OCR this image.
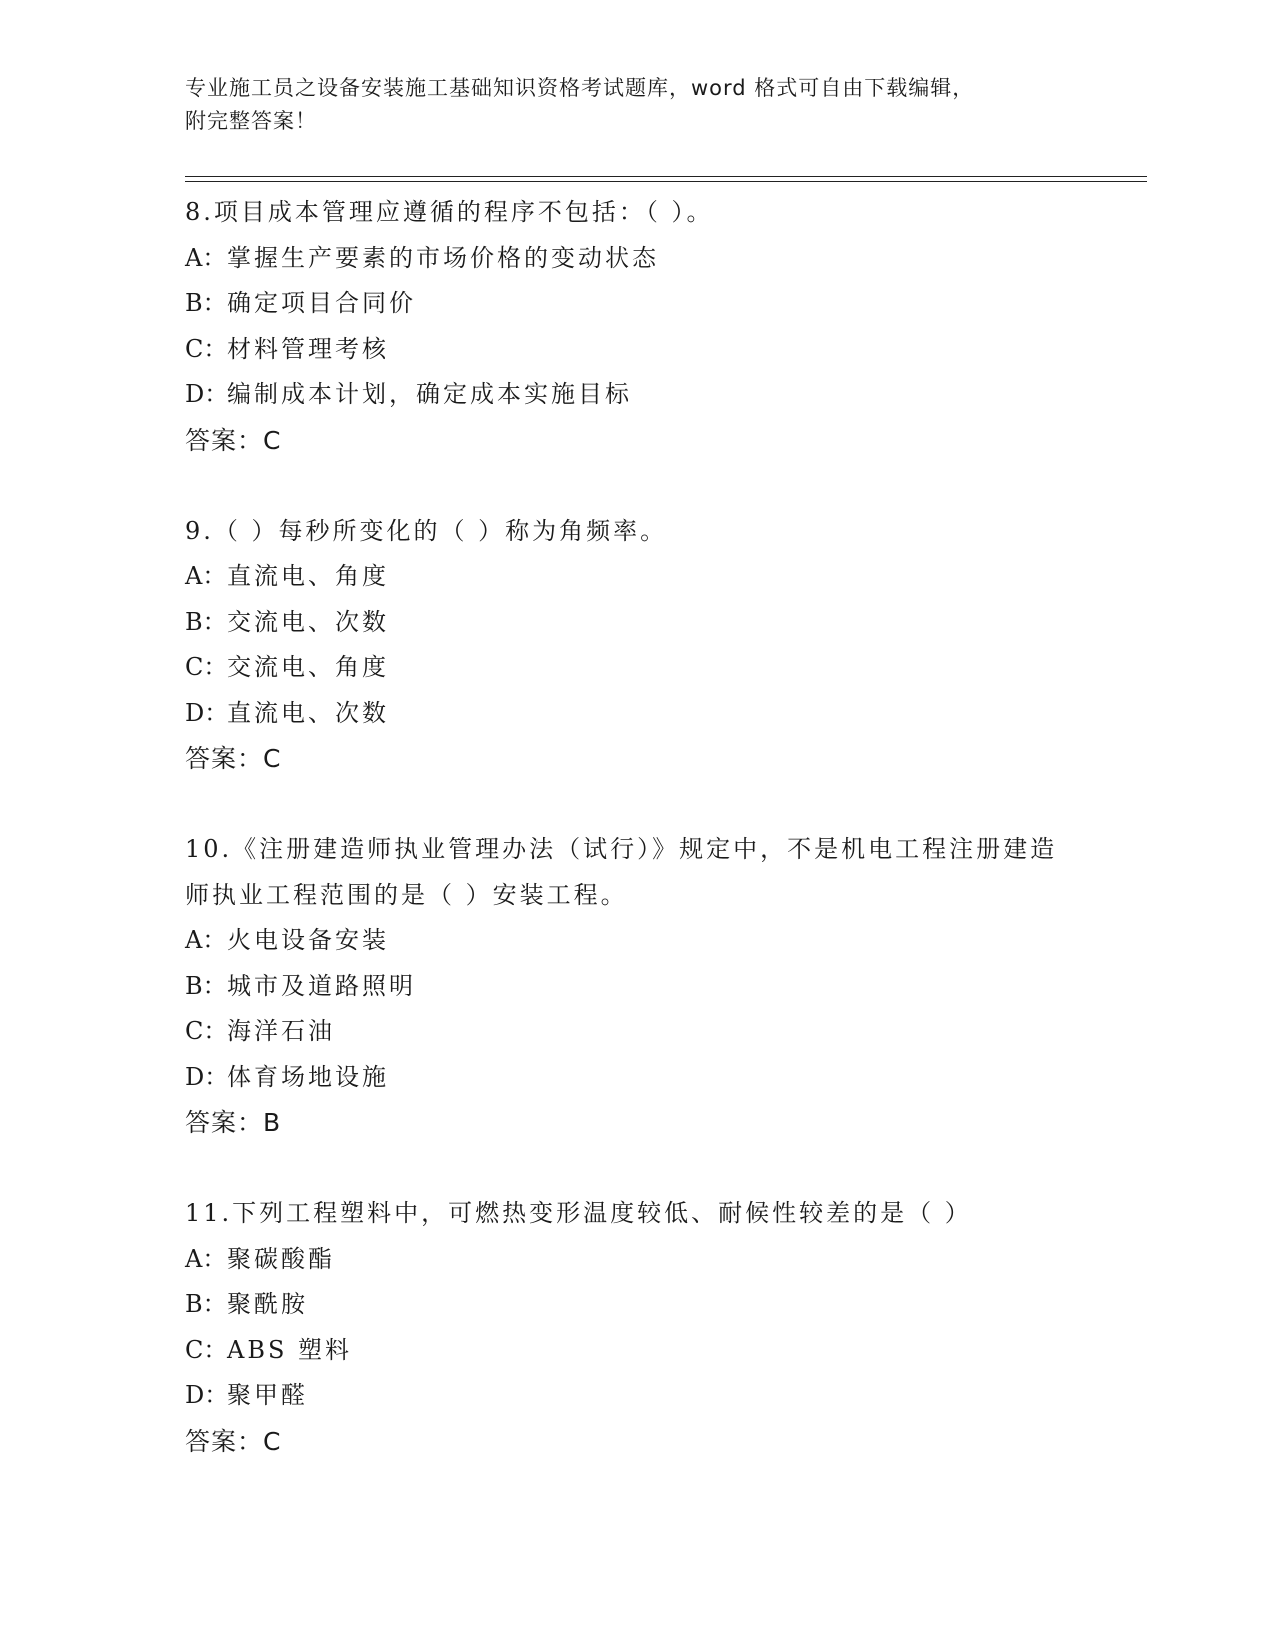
专业施工员之设备安装施工基础知识资格考试题库，word 格式可自由下载编辑，
附完整答案！
8.项目成本管理应遵循的程序不包括：（ ）。
A：掌握生产要素的市场价格的变动状态
B：确定项目合同价
C：材料管理考核
D：编制成本计划，确定成本实施目标
答案：C
9.（ ）每秒所变化的（ ）称为角频率。
A：直流电、角度
B：交流电、次数
C：交流电、角度
D：直流电、次数
答案：C
10.《注册建造师执业管理办法（试行）》规定中，不是机电工程注册建造师执业工程范围的是（ ）安装工程。
A：火电设备安装
B：城市及道路照明
C：海洋石油
D：体育场地设施
答案：B
11.下列工程塑料中，可燃热变形温度较低、耐候性较差的是（ ）
A：聚碳酸酯
B：聚酰胺
C：ABS 塑料
D：聚甲醛
答案：C
